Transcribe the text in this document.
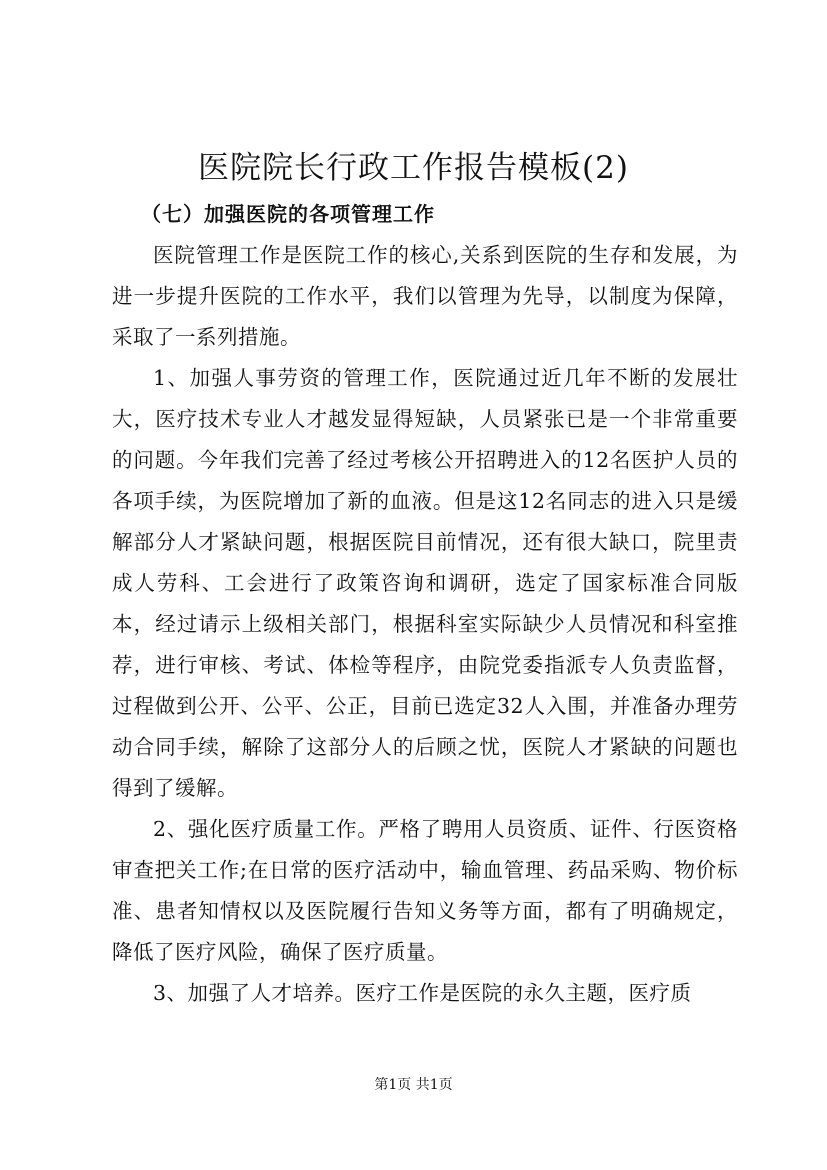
医院院长行政工作报告模板(2)
（七）加强医院的各项管理工作

医院管理工作是医院工作的核心,关系到医院的生存和发展，为进一步提升医院的工作水平，我们以管理为先导，以制度为保障，采取了一系列措施。

1、加强人事劳资的管理工作，医院通过近几年不断的发展壮大，医疗技术专业人才越发显得短缺，人员紧张已是一个非常重要的问题。今年我们完善了经过考核公开招聘进入的12名医护人员的各项手续，为医院增加了新的血液。但是这12名同志的进入只是缓解部分人才紧缺问题，根据医院目前情况，还有很大缺口，院里责成人劳科、工会进行了政策咨询和调研，选定了国家标准合同版本，经过请示上级相关部门，根据科室实际缺少人员情况和科室推荐，进行审核、考试、体检等程序，由院党委指派专人负责监督，过程做到公开、公平、公正，目前已选定32人入围，并准备办理劳动合同手续，解除了这部分人的后顾之忧，医院人才紧缺的问题也得到了缓解。

2、强化医疗质量工作。严格了聘用人员资质、证件、行医资格审查把关工作;在日常的医疗活动中，输血管理、药品采购、物价标准、患者知情权以及医院履行告知义务等方面，都有了明确规定，降低了医疗风险，确保了医疗质量。

3、加强了人才培养。医疗工作是医院的永久主题，医疗质

第1页 共1页
